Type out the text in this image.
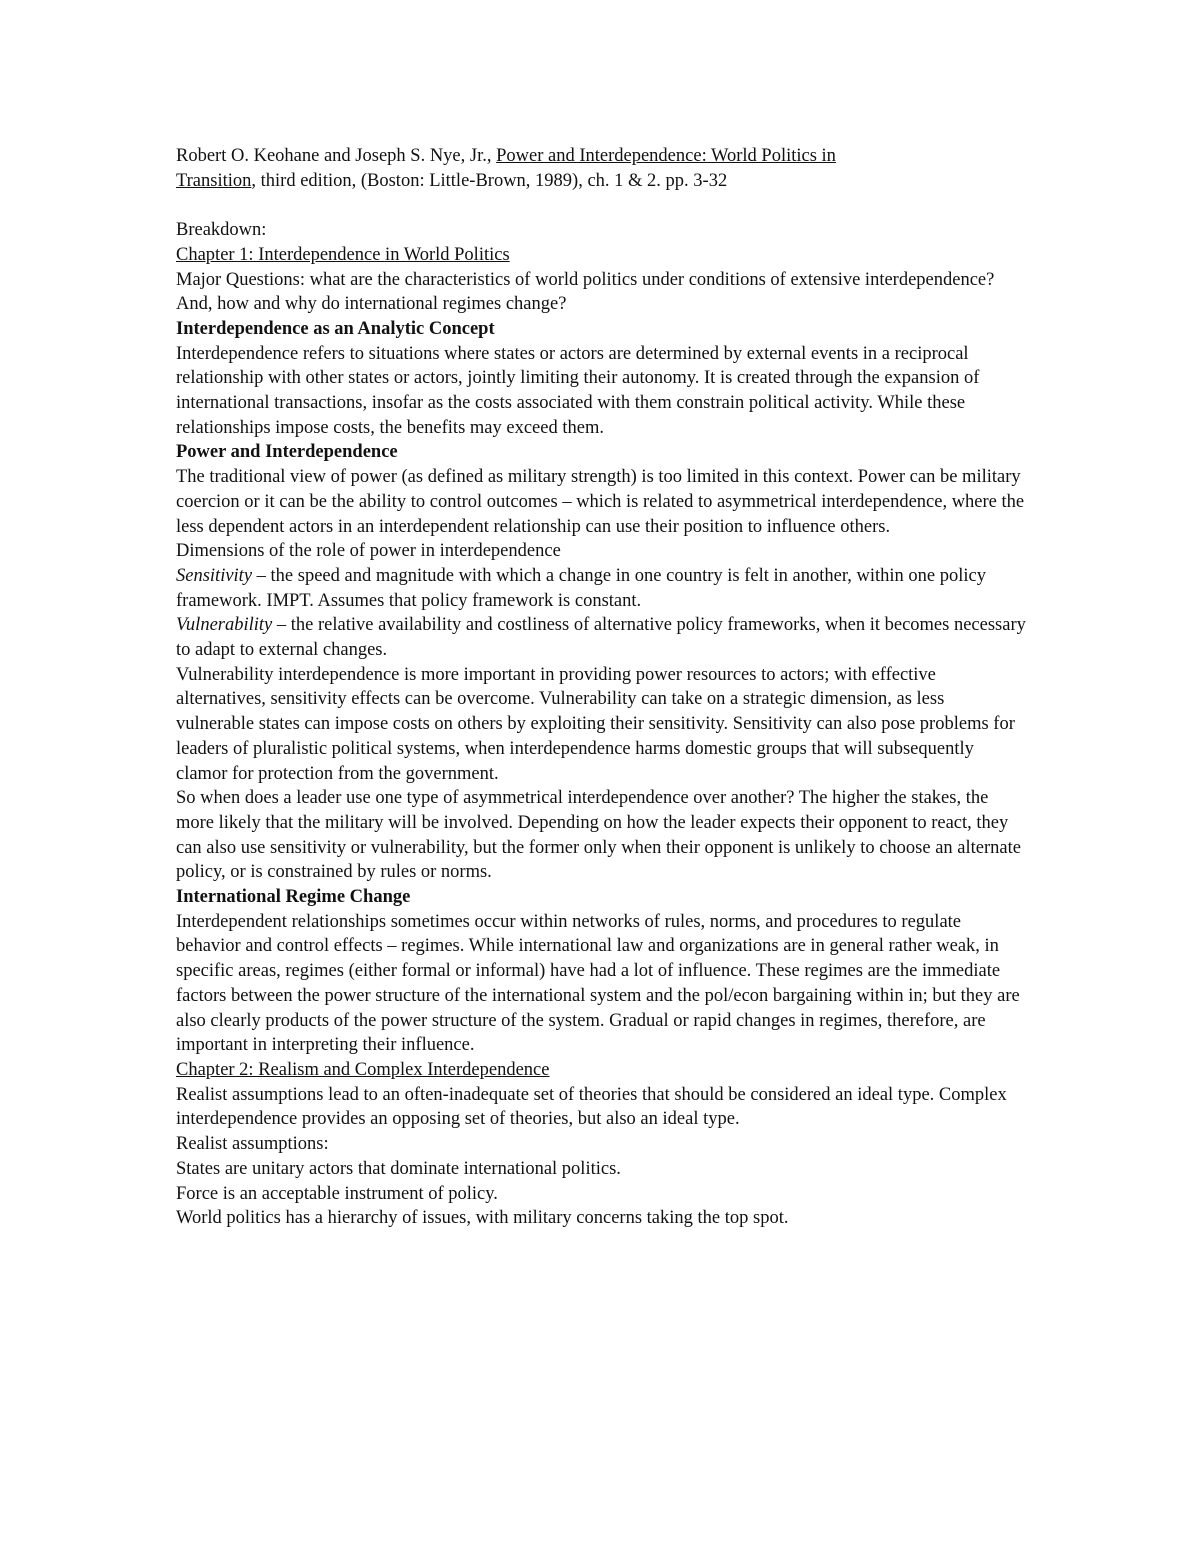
Robert O. Keohane and Joseph S. Nye, Jr., Power and Interdependence: World Politics in
Transition, third edition, (Boston: Little-Brown, 1989), ch. 1 & 2. pp. 3-32

Breakdown:

Chapter 1: Interdependence in World Politics

Major Questions: what are the characteristics of world politics under conditions of extensive interdependence? And, how and why do international regimes change?

Interdependence as an Analytic Concept

Interdependence refers to situations where states or actors are determined by external events in a reciprocal relationship with other states or actors, jointly limiting their autonomy. It is created through the expansion of international transactions, insofar as the costs associated with them constrain political activity. While these relationships impose costs, the benefits may exceed them.

Power and Interdependence

The traditional view of power (as defined as military strength) is too limited in this context. Power can be military coercion or it can be the ability to control outcomes – which is related to asymmetrical interdependence, where the less dependent actors in an interdependent relationship can use their position to influence others.

Dimensions of the role of power in interdependence

Sensitivity – the speed and magnitude with which a change in one country is felt in another, within one policy framework. IMPT. Assumes that policy framework is constant.

Vulnerability – the relative availability and costliness of alternative policy frameworks, when it becomes necessary to adapt to external changes.

Vulnerability interdependence is more important in providing power resources to actors; with effective alternatives, sensitivity effects can be overcome. Vulnerability can take on a strategic dimension, as less vulnerable states can impose costs on others by exploiting their sensitivity. Sensitivity can also pose problems for leaders of pluralistic political systems, when interdependence harms domestic groups that will subsequently clamor for protection from the government.

So when does a leader use one type of asymmetrical interdependence over another? The higher the stakes, the more likely that the military will be involved. Depending on how the leader expects their opponent to react, they can also use sensitivity or vulnerability, but the former only when their opponent is unlikely to choose an alternate policy, or is constrained by rules or norms.

International Regime Change

Interdependent relationships sometimes occur within networks of rules, norms, and procedures to regulate behavior and control effects – regimes. While international law and organizations are in general rather weak, in specific areas, regimes (either formal or informal) have had a lot of influence. These regimes are the immediate factors between the power structure of the international system and the pol/econ bargaining within in; but they are also clearly products of the power structure of the system. Gradual or rapid changes in regimes, therefore, are important in interpreting their influence.

Chapter 2: Realism and Complex Interdependence

Realist assumptions lead to an often-inadequate set of theories that should be considered an ideal type. Complex interdependence provides an opposing set of theories, but also an ideal type.

Realist assumptions:

States are unitary actors that dominate international politics.

Force is an acceptable instrument of policy.

World politics has a hierarchy of issues, with military concerns taking the top spot.
